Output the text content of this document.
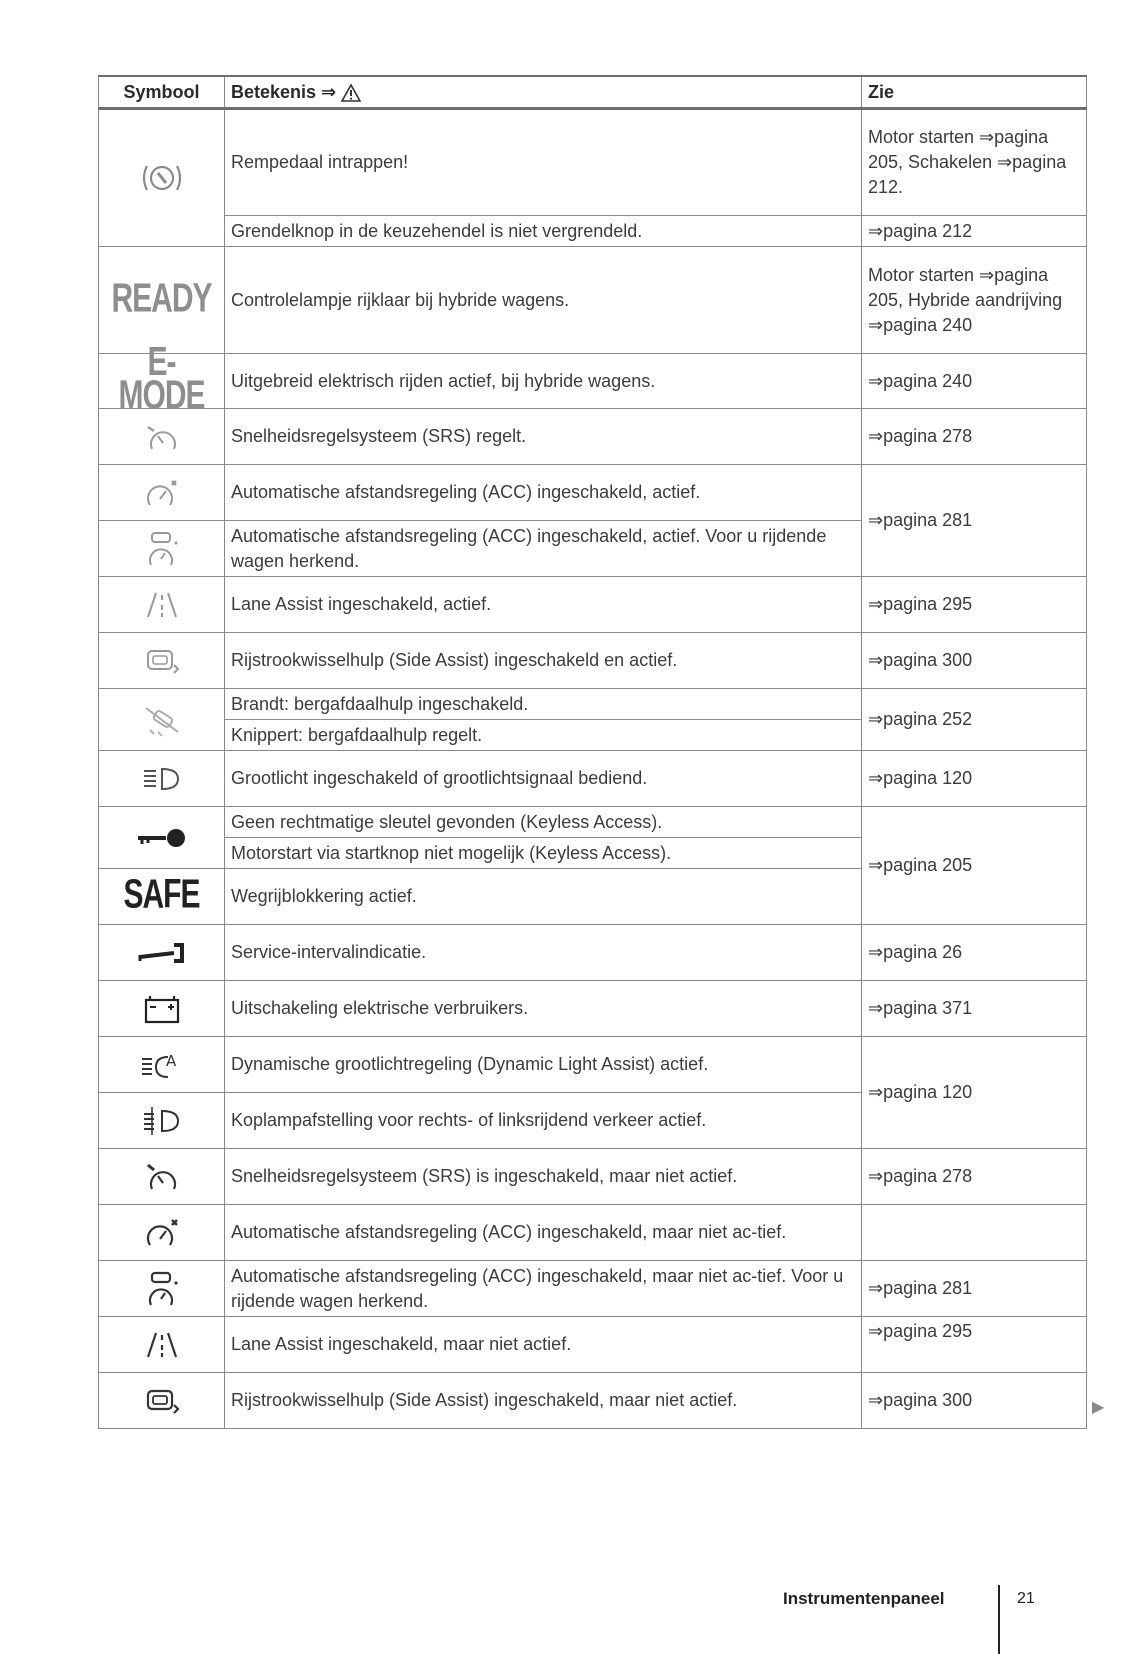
Symbool	Betekenis ⇒	Zie
	Rempedaal intrappen!	Motor starten ⇒pagina 205, Schakelen ⇒pagina 212.
	Grendelknop in de keuzehendel is niet vergrendeld.	⇒pagina 212
READY	Controlelampje rijklaar bij hybride wagens.	Motor starten ⇒pagina 205, Hybride aandrijving ⇒pagina 240
E-MODE	Uitgebreid elektrisch rijden actief, bij hybride wagens.	⇒pagina 240
	Snelheidsregelsysteem (SRS) regelt.	⇒pagina 278
	Automatische afstandsregeling (ACC) ingeschakeld, actief.	⇒pagina 281
	Automatische afstandsregeling (ACC) ingeschakeld, actief. Voor u rijdende wagen herkend.	
	Lane Assist ingeschakeld, actief.	⇒pagina 295
	Rijstrookwisselhulp (Side Assist) ingeschakeld en actief.	⇒pagina 300
	Brandt: bergafdaalhulp ingeschakeld.	⇒pagina 252
	Knippert: bergafdaalhulp regelt.	
	Grootlicht ingeschakeld of grootlichtsignaal bediend.	⇒pagina 120
	Geen rechtmatige sleutel gevonden (Keyless Access).	⇒pagina 205
	Motorstart via startknop niet mogelijk (Keyless Access).	
SAFE	Wegrijblokkering actief.	
	Service-intervalindicatie.	⇒pagina 26
	Uitschakeling elektrische verbruikers.	⇒pagina 371

A	Dynamische grootlichtregeling (Dynamic Light Assist) actief.	⇒pagina 120
	Koplampafstelling voor rechts- of linksrijdend verkeer actief.	
	Snelheidsregelsysteem (SRS) is ingeschakeld, maar niet actief.	⇒pagina 278
	Automatische afstandsregeling (ACC) ingeschakeld, maar niet ac-tief.	
	Automatische afstandsregeling (ACC) ingeschakeld, maar niet ac-tief. Voor u rijdende wagen herkend.	⇒pagina 281
	Lane Assist ingeschakeld, maar niet actief.	⇒pagina 295
	Rijstrookwisselhulp (Side Assist) ingeschakeld, maar niet actief.	⇒pagina 300	▶
Instrumentenpaneel	21
